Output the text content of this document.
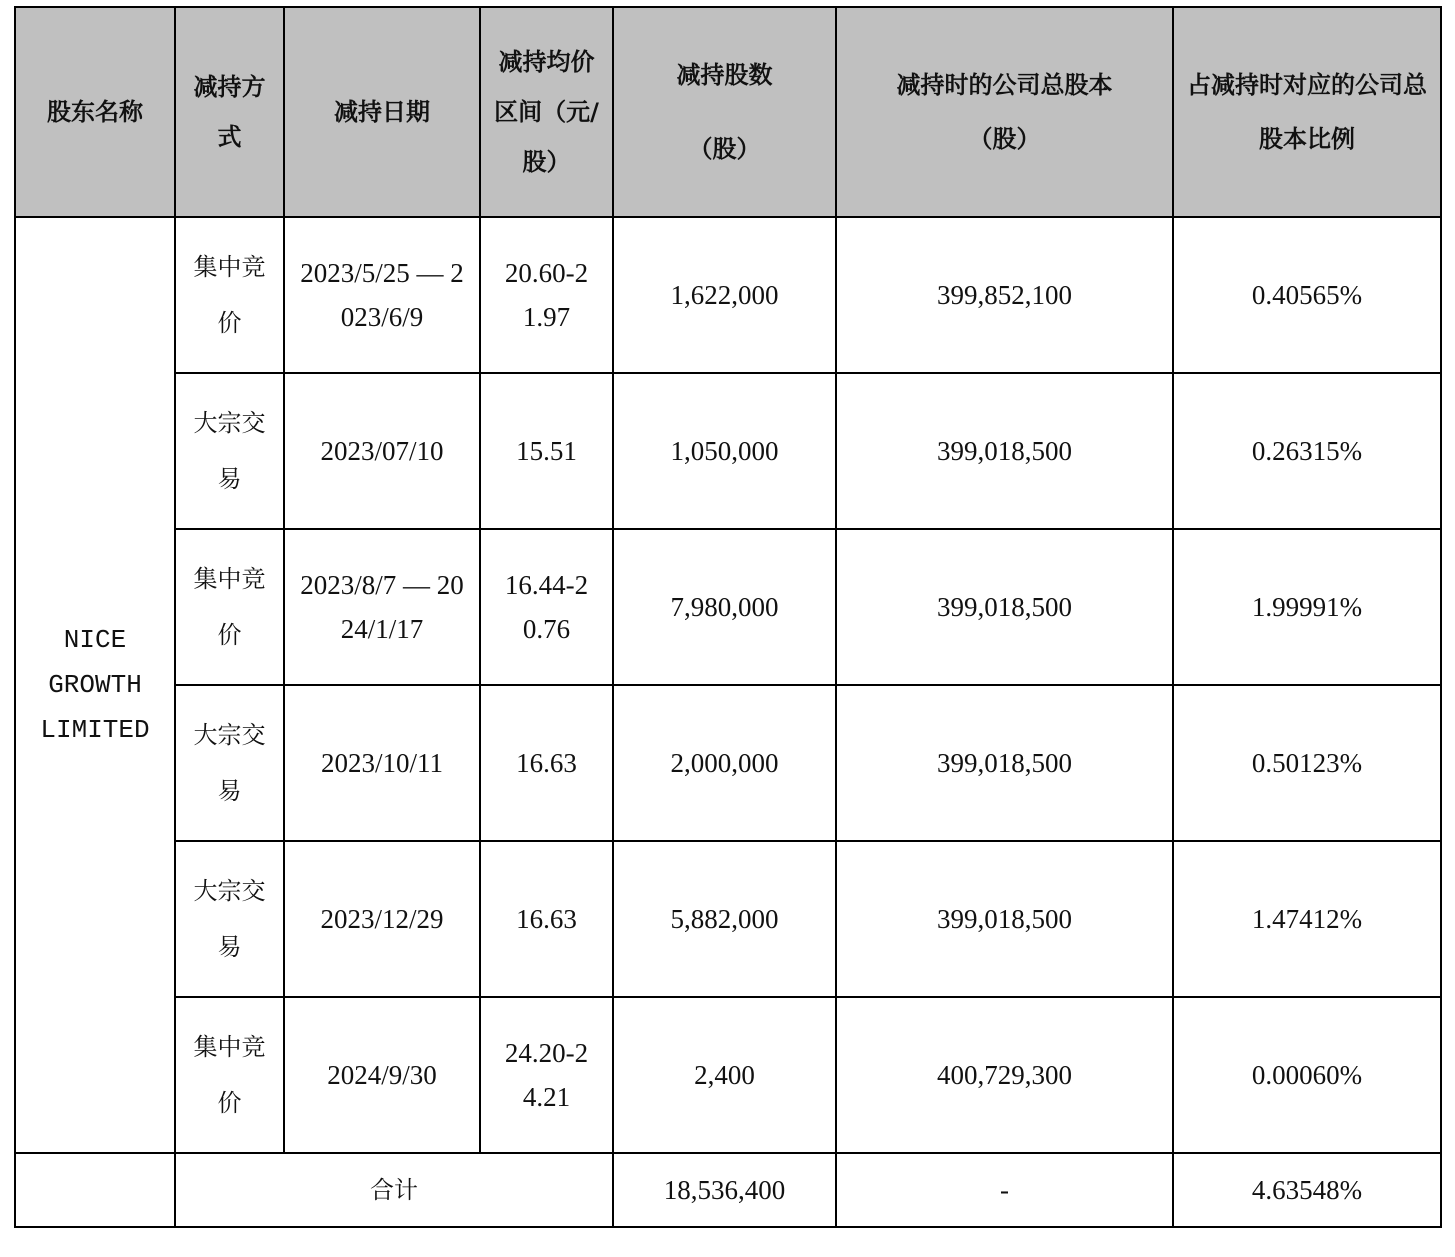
股东名称	减持方式	减持日期	减持均价区间（元/股）	减持股数（股）	减持时的公司总股本（股）	占减持时对应的公司总股本比例
NICE GROWTH LIMITED	集中竞价	2023/5/25 — 2023/6/9	20.60-21.97	1,622,000	399,852,100	0.40565%
	大宗交易	2023/07/10	15.51	1,050,000	399,018,500	0.26315%
	集中竞价	2023/8/7 — 2024/1/17	16.44-20.76	7,980,000	399,018,500	1.99991%
	大宗交易	2023/10/11	16.63	2,000,000	399,018,500	0.50123%
	大宗交易	2023/12/29	16.63	5,882,000	399,018,500	1.47412%
	集中竞价	2024/9/30	24.20-24.21	2,400	400,729,300	0.00060%
	合计			18,536,400	-	4.63548%
